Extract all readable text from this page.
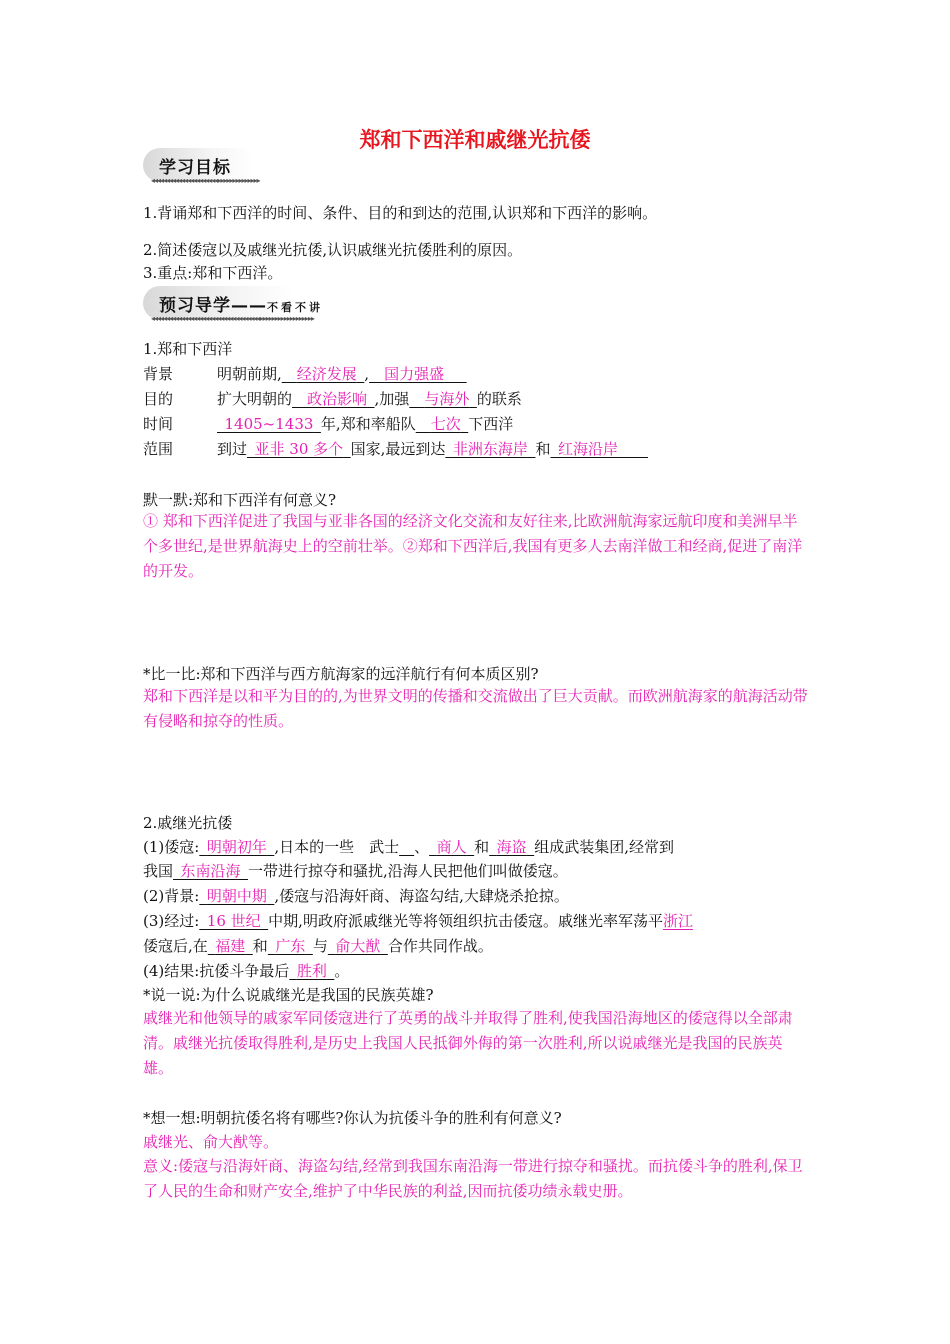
郑和下西洋和戚继光抗倭
学习目标
◂◂◂◂◂◂◂◂◂◂◂◂◂◂◂◂◂◂◂◂◂◂▸▸▸▸▸▸▸▸▸▸▸▸▸▸
1.背诵郑和下西洋的时间、条件、目的和到达的范围,认识郑和下西洋的影响。
2.简述倭寇以及戚继光抗倭,认识戚继光抗倭胜利的原因。
3.重点:郑和下西洋。
预习导学——不看不讲
◂◂◂◂◂◂◂◂◂◂◂◂◂◂◂◂◂◂◂◂◂◂◂◂◂◂◂◂◂◂◂◂◂◂◂◂▸▸▸▸▸▸▸▸▸▸▸▸▸▸▸▸▸▸
1.郑和下西洋
背景	明朝前期,  经济发展  ,  国力强盛  
目的	扩大明朝的  政治影响  ,加强  与海外  的联系
时间 	1405~1433  年,郑和率船队  七次  下西洋
范围	到过  亚非 30 多个  国家,最远到达  非洲东海岸  和  红海沿岸  
默一默:郑和下西洋有何意义?
① 郑和下西洋促进了我国与亚非各国的经济文化交流和友好往来,比欧洲航海家远航印度和美洲早半个多世纪,是世界航海史上的空前壮举。②郑和下西洋后,我国有更多人去南洋做工和经商,促进了南洋的开发。
*比一比:郑和下西洋与西方航海家的远洋航行有何本质区别?
郑和下西洋是以和平为目的的,为世界文明的传播和交流做出了巨大贡献。而欧洲航海家的航海活动带有侵略和掠夺的性质。
2.戚继光抗倭
(1)倭寇:  明朝初年  ,日本的一些  武士   、  商人  和  海盗  组成武装集团,经常到
我国  东南沿海  一带进行掠夺和骚扰,沿海人民把他们叫做倭寇。
(2)背景:  明朝中期  ,倭寇与沿海奸商、海盗勾结,大肆烧杀抢掠。
(3)经过:  16 世纪  中期,明政府派戚继光等将领组织抗击倭寇。戚继光率军荡平浙江
倭寇后,在  福建  和  广东  与  俞大猷  合作共同作战。
(4)结果:抗倭斗争最后  胜利  。
*说一说:为什么说戚继光是我国的民族英雄?
戚继光和他领导的戚家军同倭寇进行了英勇的战斗并取得了胜利,使我国沿海地区的倭寇得以全部肃清。戚继光抗倭取得胜利,是历史上我国人民抵御外侮的第一次胜利,所以说戚继光是我国的民族英雄。
*想一想:明朝抗倭名将有哪些?你认为抗倭斗争的胜利有何意义?
戚继光、俞大猷等。
意义:倭寇与沿海奸商、海盗勾结,经常到我国东南沿海一带进行掠夺和骚扰。而抗倭斗争的胜利,保卫了人民的生命和财产安全,维护了中华民族的利益,因而抗倭功绩永载史册。
